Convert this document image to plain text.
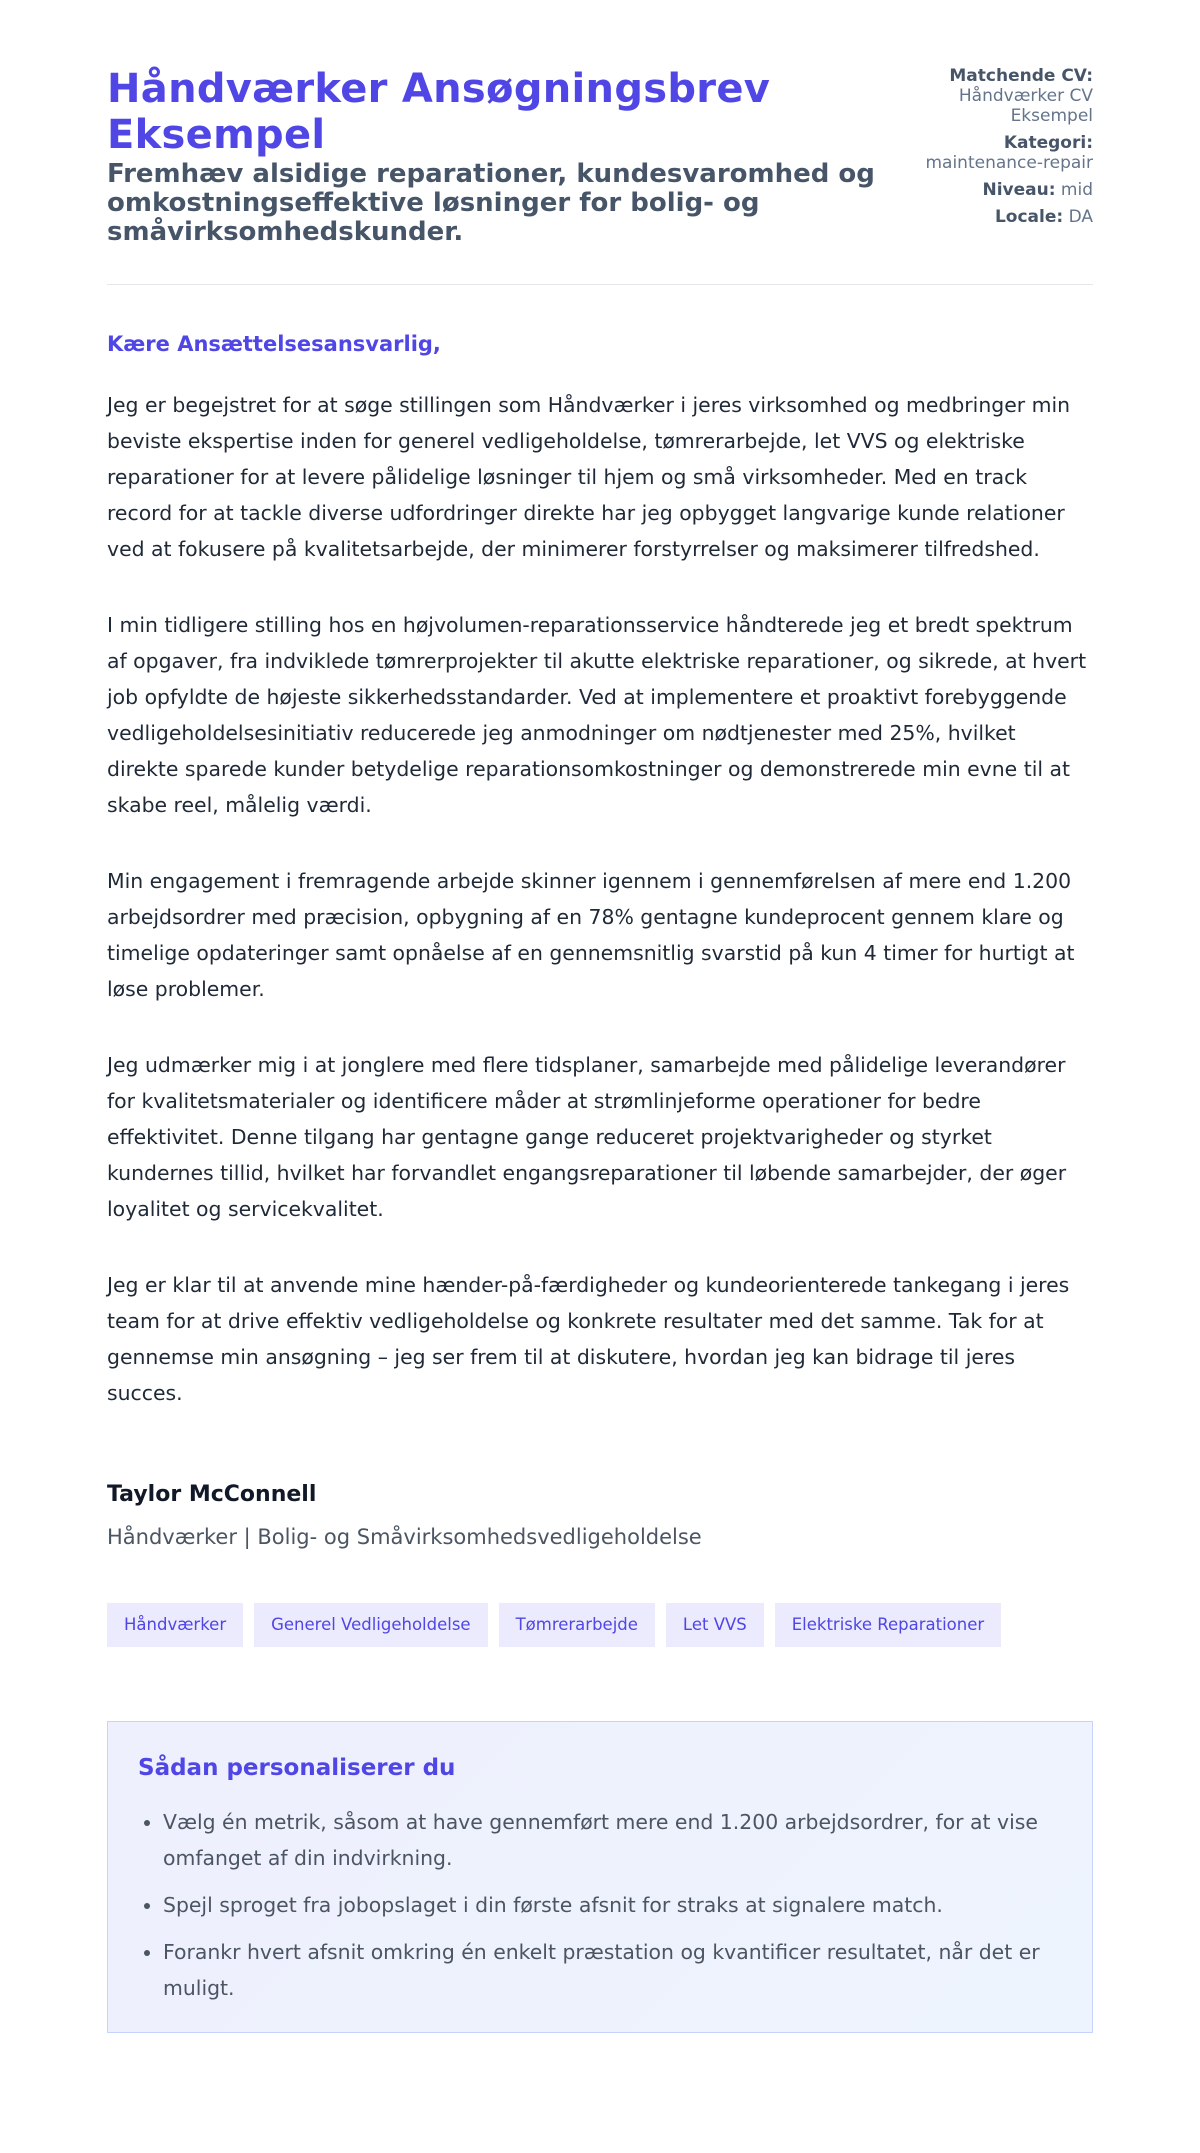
Håndværker Ansøgningsbrev Eksempel
Fremhæv alsidige reparationer, kundesvaromhed og omkostningseffektive løsninger for bolig- og småvirksomhedskunder.
Matchende CV: Håndværker CV Eksempel
Kategori: maintenance-repair
Niveau: mid
Locale: DA

Kære Ansættelsesansvarlig,

Jeg er begejstret for at søge stillingen som Håndværker i jeres virksomhed og medbringer min beviste ekspertise inden for generel vedligeholdelse, tømrerarbejde, let VVS og elektriske reparationer for at levere pålidelige løsninger til hjem og små virksomheder. Med en track record for at tackle diverse udfordringer direkte har jeg opbygget langvarige kunde relationer ved at fokusere på kvalitetsarbejde, der minimerer forstyrrelser og maksimerer tilfredshed.

I min tidligere stilling hos en højvolumen-reparationsservice håndterede jeg et bredt spektrum af opgaver, fra indviklede tømrerprojekter til akutte elektriske reparationer, og sikrede, at hvert job opfyldte de højeste sikkerhedsstandarder. Ved at implementere et proaktivt forebyggende vedligeholdelsesinitiativ reducerede jeg anmodninger om nødtjenester med 25%, hvilket direkte sparede kunder betydelige reparationsomkostninger og demonstrerede min evne til at skabe reel, målelig værdi.

Min engagement i fremragende arbejde skinner igennem i gennemførelsen af mere end 1.200 arbejdsordrer med præcision, opbygning af en 78% gentagne kundeprocent gennem klare og timelige opdateringer samt opnåelse af en gennemsnitlig svarstid på kun 4 timer for hurtigt at løse problemer.

Jeg udmærker mig i at jonglere med flere tidsplaner, samarbejde med pålidelige leverandører for kvalitetsmaterialer og identificere måder at strømlinjeforme operationer for bedre effektivitet. Denne tilgang har gentagne gange reduceret projektvarigheder og styrket kundernes tillid, hvilket har forvandlet engangsreparationer til løbende samarbejder, der øger loyalitet og servicekvalitet.

Jeg er klar til at anvende mine hænder-på-færdigheder og kundeorienterede tankegang i jeres team for at drive effektiv vedligeholdelse og konkrete resultater med det samme. Tak for at gennemse min ansøgning – jeg ser frem til at diskutere, hvordan jeg kan bidrage til jeres succes.

Taylor McConnell
Håndværker | Bolig- og Småvirksomhedsvedligeholdelse
Håndværker	Generel Vedligeholdelse	Tømrerarbejde	Let VVS	Elektriske Reparationer
Sådan personaliserer du
• Vælg én metrik, såsom at have gennemført mere end 1.200 arbejdsordrer, for at vise omfanget af din indvirkning.
• Spejl sproget fra jobopslaget i din første afsnit for straks at signalere match.
• Forankr hvert afsnit omkring én enkelt præstation og kvantificer resultatet, når det er muligt.
